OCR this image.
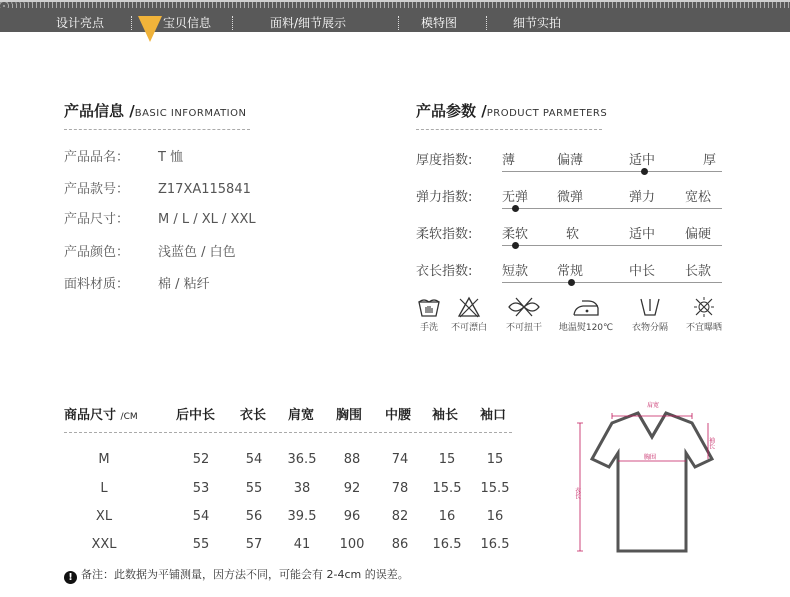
设计亮点	宝贝信息	面料/细节展示	模特图	细节实拍
产品信息 /BASIC INFORMATION
产品品名： T 恤
产品款号： Z17XA115841
产品尺寸： M / L / XL / XXL
产品颜色： 浅蓝色 / 白色
面料材质： 棉 / 粘纤
产品参数 /PRODUCT PARMETERS
厚度指数: 薄	偏薄	适中	厚
弹力指数: 无弹 微弹	弹力 宽松
柔软指数: 柔软	软	适中 偏硬
衣长指数: 短款 常规	中长 长款
手洗	不可漂白	不可扭干	地温熨120℃	衣物分隔	不宜曝晒
商品尺寸 /CM	后中长 衣长 肩宽 胸围 中腰 袖长 袖口
M	52	54	36.5	88	74	15	15
L	53	55	38	92	78	15.5	15.5
XL	54	56	39.5	96	82	16	16
XXL	55	57	41	100	86	16.5	16.5
肩宽
胸围
衣长
袖长
! 备注：此数据为平铺测量，因方法不同，可能会有 2-4cm 的误差。
